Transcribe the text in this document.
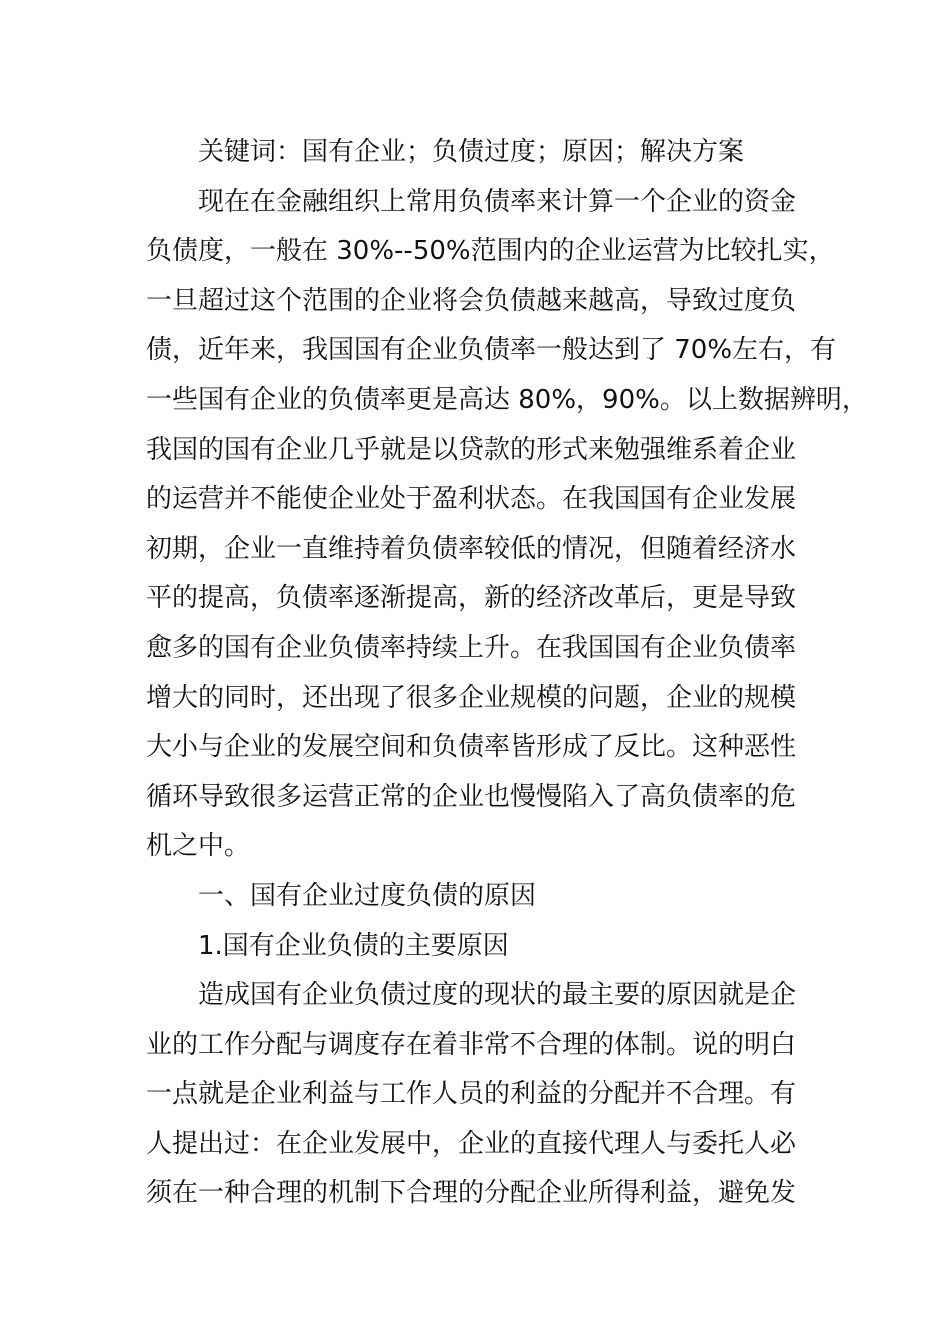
关键词：国有企业；负债过度；原因；解决方案
现在在金融组织上常用负债率来计算一个企业的资金
负债度，一般在 30%--50%范围内的企业运营为比较扎实，
一旦超过这个范围的企业将会负债越来越高，导致过度负
债，近年来，我国国有企业负债率一般达到了 70%左右，有
一些国有企业的负债率更是高达 80%，90%。以上数据辨明，
我国的国有企业几乎就是以贷款的形式来勉强维系着企业
的运营并不能使企业处于盈利状态。在我国国有企业发展
初期，企业一直维持着负债率较低的情况，但随着经济水
平的提高，负债率逐渐提高，新的经济改革后，更是导致
愈多的国有企业负债率持续上升。在我国国有企业负债率
增大的同时，还出现了很多企业规模的问题，企业的规模
大小与企业的发展空间和负债率皆形成了反比。这种恶性
循环导致很多运营正常的企业也慢慢陷入了高负债率的危
机之中。
一、国有企业过度负债的原因
1.国有企业负债的主要原因
造成国有企业负债过度的现状的最主要的原因就是企
业的工作分配与调度存在着非常不合理的体制。说的明白
一点就是企业利益与工作人员的利益的分配并不合理。有
人提出过：在企业发展中，企业的直接代理人与委托人必
须在一种合理的机制下合理的分配企业所得利益，避免发
